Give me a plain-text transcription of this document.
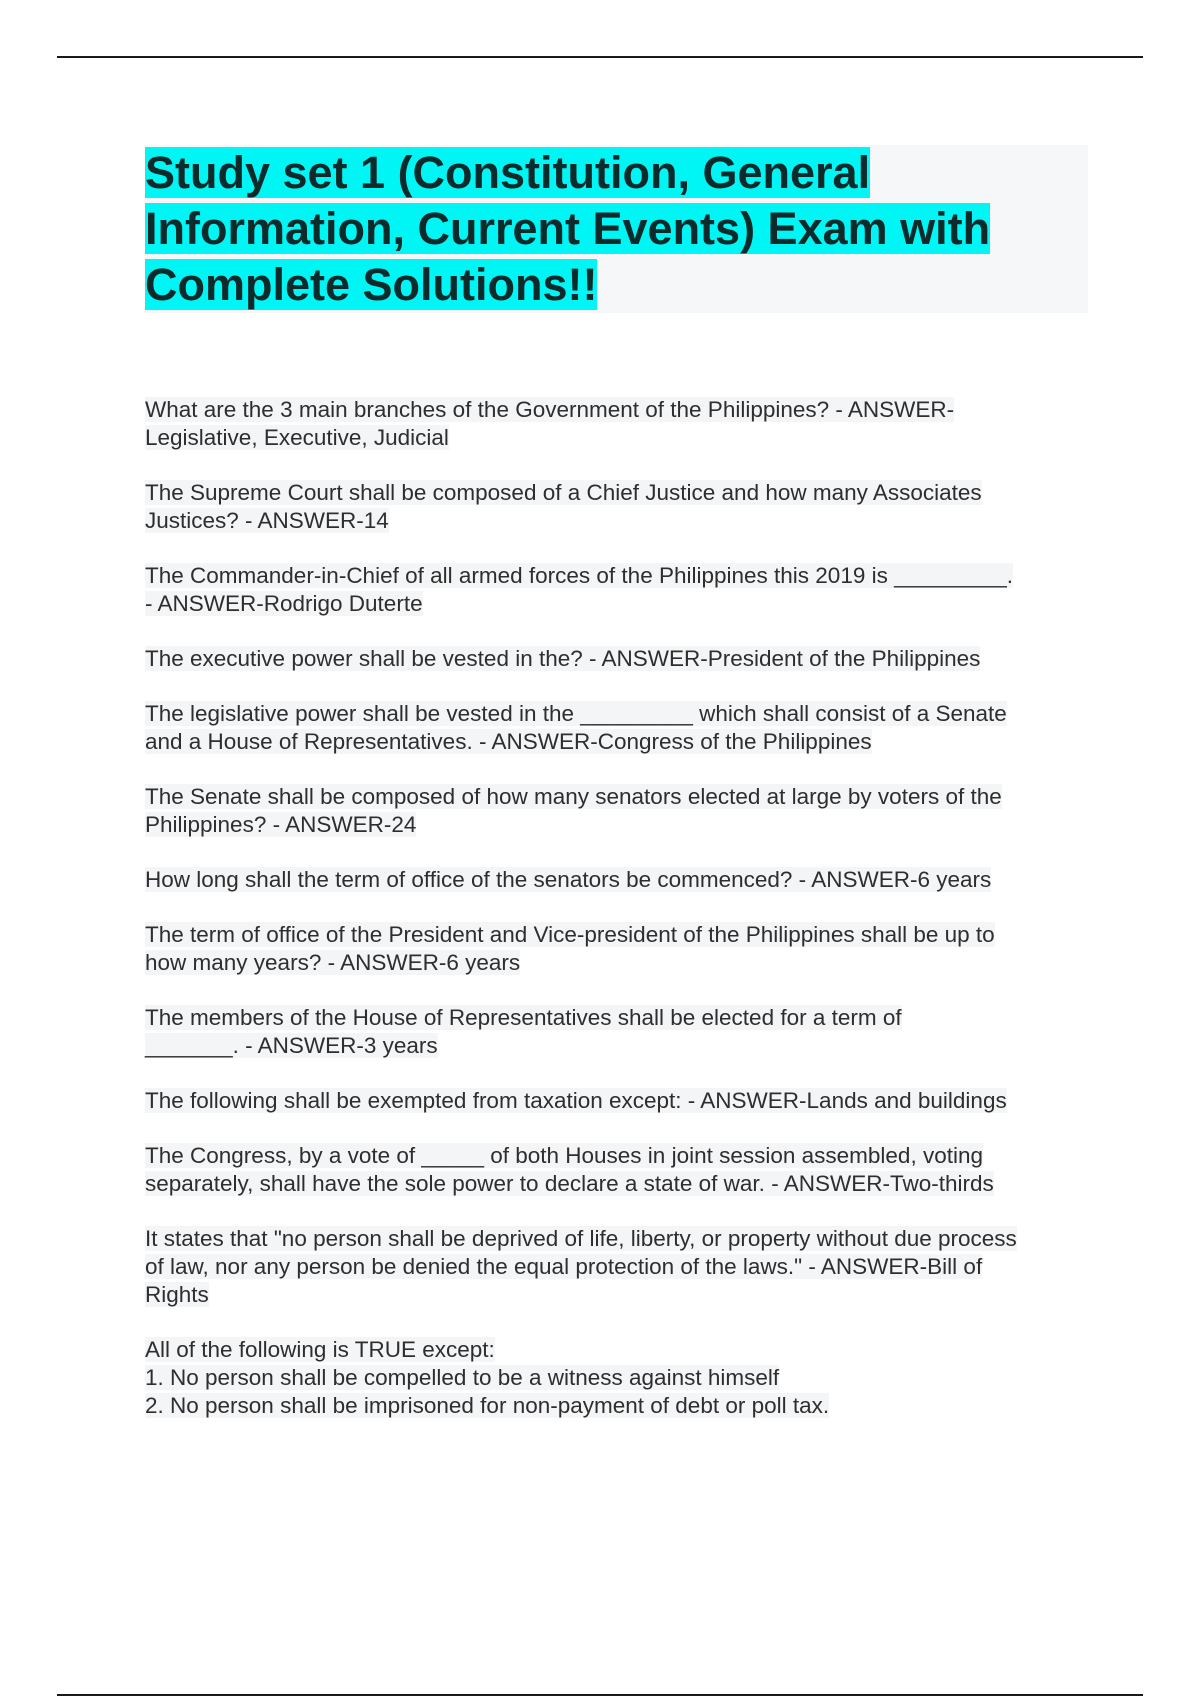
Study set 1 (Constitution, General Information, Current Events) Exam with Complete Solutions!!

What are the 3 main branches of the Government of the Philippines? - ANSWER-
Legislative, Executive, Judicial

The Supreme Court shall be composed of a Chief Justice and how many Associates
Justices? - ANSWER-14

The Commander-in-Chief of all armed forces of the Philippines this 2019 is _________.
- ANSWER-Rodrigo Duterte

The executive power shall be vested in the? - ANSWER-President of the Philippines

The legislative power shall be vested in the _________ which shall consist of a Senate
and a House of Representatives. - ANSWER-Congress of the Philippines

The Senate shall be composed of how many senators elected at large by voters of the
Philippines? - ANSWER-24

How long shall the term of office of the senators be commenced? - ANSWER-6 years

The term of office of the President and Vice-president of the Philippines shall be up to
how many years? - ANSWER-6 years

The members of the House of Representatives shall be elected for a term of
_______. - ANSWER-3 years

The following shall be exempted from taxation except: - ANSWER-Lands and buildings

The Congress, by a vote of _____ of both Houses in joint session assembled, voting
separately, shall have the sole power to declare a state of war. - ANSWER-Two-thirds

It states that "no person shall be deprived of life, liberty, or property without due process
of law, nor any person be denied the equal protection of the laws." - ANSWER-Bill of
Rights

All of the following is TRUE except:
1. No person shall be compelled to be a witness against himself
2. No person shall be imprisoned for non-payment of debt or poll tax.
